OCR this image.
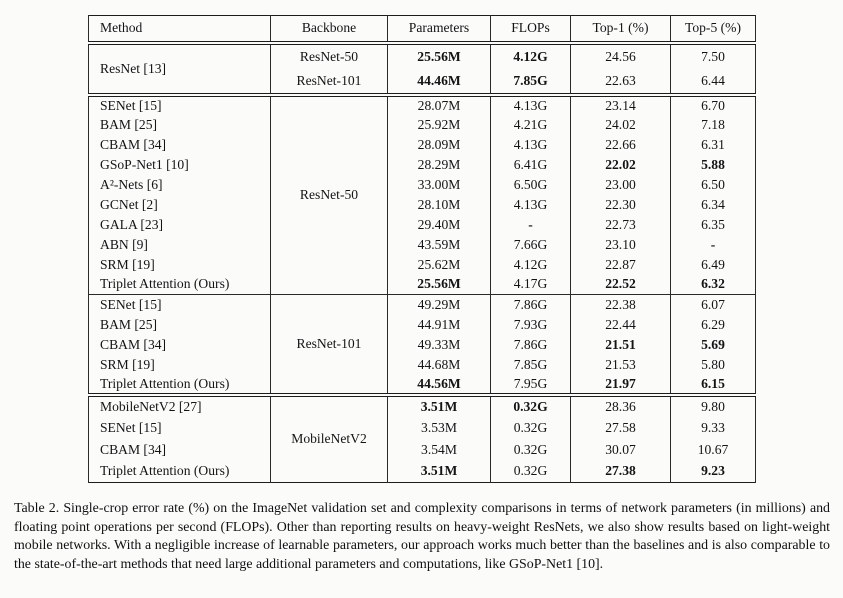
Method	Backbone	Parameters	FLOPs	Top-1 (%)	Top-5 (%)
ResNet [13]	ResNet-50	25.56M	4.12G	24.56	7.50
	ResNet-101	44.46M	7.85G	22.63	6.44
SENet [15]	ResNet-50	28.07M	4.13G	23.14	6.70
BAM [25]		25.92M	4.21G	24.02	7.18
CBAM [34]		28.09M	4.13G	22.66	6.31
GSoP-Net1 [10]		28.29M	6.41G	22.02	5.88
A²-Nets [6]		33.00M	6.50G	23.00	6.50
GCNet [2]		28.10M	4.13G	22.30	6.34
GALA [23]		29.40M	-	22.73	6.35
ABN [9]		43.59M	7.66G	23.10	-
SRM [19]		25.62M	4.12G	22.87	6.49
Triplet Attention (Ours)		25.56M	4.17G	22.52	6.32
SENet [15]	ResNet-101	49.29M	7.86G	22.38	6.07
BAM [25]		44.91M	7.93G	22.44	6.29
CBAM [34]		49.33M	7.86G	21.51	5.69
SRM [19]		44.68M	7.85G	21.53	5.80
Triplet Attention (Ours)		44.56M	7.95G	21.97	6.15
MobileNetV2 [27]	MobileNetV2	3.51M	0.32G	28.36	9.80
SENet [15]		3.53M	0.32G	27.58	9.33
CBAM [34]		3.54M	0.32G	30.07	10.67
Triplet Attention (Ours)		3.51M	0.32G	27.38	9.23

Table 2. Single-crop error rate (%) on the ImageNet validation set and complexity comparisons in terms of network parameters (in millions) and floating point operations per second (FLOPs). Other than reporting results on heavy-weight ResNets, we also show results based on light-weight mobile networks. With a negligible increase of learnable parameters, our approach works much better than the baselines and is also comparable to the state-of-the-art methods that need large additional parameters and computations, like GSoP-Net1 [10].
